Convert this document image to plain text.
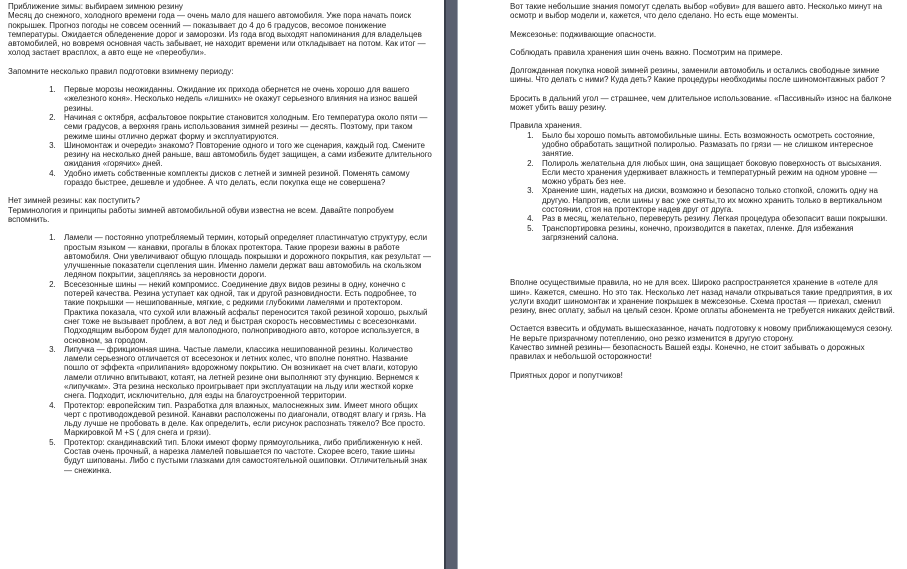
Приближение зимы: выбираем зимнюю резину

Месяц до снежного, холодного времени года — очень мало для нашего автомобиля. Уже пора начать поиск покрышек. Прогноз погоды не совсем осенний — показывает до 4 до 6 градусов, весомое понижение температуры. Ожидается обледенение дорог и заморозки. Из года вгод выходят напоминания для владельцев автомобилей, но вовремя основная часть забывает, не находит времени или откладывает на потом. Как итог — холод застает врасплох, а авто еще не «переобули».

Запомните несколько правил подготовки взимнему периоду:

1. Первые морозы неожиданны. Ожидание их прихода обернется не очень хорошо для вашего «железного коня». Несколько недель «лишних» не окажут серьезного влияния на износ вашей резины.
2. Начиная с октября, асфальтовое покрытие становится холодным. Его температура около пяти — семи градусов, а верхняя грань использования зимней резины — десять. Поэтому, при таком режиме шины отлично держат форму и эксплуатируются.
3. Шиномонтаж и очереди» знакомо? Повторение одного и того же сценария, каждый год. Смените резину на несколько дней раньше, ваш автомобиль будет защищен, а сами избежите длительного ожидания «горячих» дней.
4. Удобно иметь собственные комплекты дисков с летней и зимней резиной. Поменять самому гораздо быстрее, дешевле и удобнее. А что делать, если покупка еще не совершена?

Нет зимней резины: как поступить?

Терминология и принципы работы зимней автомобильной обуви известна не всем. Давайте попробуем вспомнить.

1. Ламели — постоянно употребляемый термин, который определяет пластинчатую структуру, если простым языком — канавки, прогалы в блоках протектора. Такие прорези важны в работе автомобиля. Они увеличивают общую площадь покрышки и дорожного покрытия, как результат — улучшенные показатели сцепления шин. Именно ламели держат ваш автомобиль на скользком ледяном покрытии, зацепляясь за неровности дороги.
2. Всесезонные шины — некий компромисс. Соединение двух видов резины в одну, конечно с потерей качества. Резина уступает как одной, так и другой разновидности. Есть подробнее, то такие покрышки — нешипованные, мягкие, с редкими глубокими ламелями и протектором. Практика показала, что сухой или влажный асфальт переносится такой резиной хорошо, рыхлый снег тоже не вызывает проблем, а вот лед и быстрая скорость несовместимы с всесезонками. Подходящим выбором будет для малоподного, полноприводного авто, которое используется, в основном, за городом.
3. Липучка — фрикционная шина. Частые ламели, классика нешипованной резины. Количество ламели серьезного отличается от всесезонок и летних колес, что вполне понятно. Название пошло от эффекта «прилипания» вдорожному покрытию. Он возникает на счет влаги, которую ламели отлично впитывают, котаят, на летней резине они выполняют эту функцию. Вернемся к «липучкам». Эта резина несколько проигрывает при эксплуатации на льду или жесткой корке снега. Подходит, исключительно, для езды на благоустроенной территории.
4. Протектор: европейским тип. Разработка для влажных, малоснежных зим. Имеет много общих черт с противодождевой резиной. Канавки расположены по диагонали, отводят влагу и грязь. На льду лучше не пробовать в деле. Как определить, если рисунок распознать тяжело? Все просто. Маркировкой M +S ( для снега и грязи).
5. Протектор: скандинавский тип. Блоки имеют форму прямоугольника, либо приближенную к ней. Состав очень прочный, а нарезка ламелей повышается по частоте. Скорее всего, такие шины будут шипованы. Либо с пустыми глазками для самостоятельной ошиповки. Отличительный знак — снежинка.

Вот такие небольшие знания помогут сделать выбор «обуви» для вашего авто. Несколько минут на осмотр и выбор модели и, кажется, что дело сделано. Но есть еще моменты.

Межсезонье: подживающие опасности.

Соблюдать правила хранения шин очень важно. Посмотрим на примере.

Долгожданная покупка новой зимней резины, заменили автомобиль и остались свободные зимние шины. Что делать с ними? Куда деть? Какие процедуры необходимы после шиномонтажных работ ?

Бросить в дальний угол — страшнее, чем длительное использование. «Пассивный» износ на балконе может убить вашу резину.

Правила хранения.

1. Было бы хорошо помыть автомобильные шины. Есть возможность осмотреть состояние, удобно обработать защитной полиролью. Размазать по грязи — не слишком интересное занятие.
2. Полироль желательна для любых шин, она защищает боковую поверхность от высыхания. Если место хранения удерживает влажность и температурный режим на одном уровне — можно убрать без нее.
3. Хранение шин, надетых на диски, возможно и безопасно только стопкой, сложить одну на другую. Напротив, если шины у вас уже сняты,то их можно хранить только в вертикальном состоянии, стоя на протекторе надев друг от друга.
4. Раз в месяц, желательно, переверуть резину. Легкая процедура обезопасит ваши покрышки.
5. Транспортировка резины, конечно, производится в пакетах, пленке. Для избежания загрязнений салона.

Вполне осуществимые правила, но не для всех. Широко распространяется хранение в «отеле для шин». Кажется, смешно. Но это так. Несколько лет назад начали открываться такие предприятия, в их услуги входит шиномонтак и хранение покрышек в межсезонье. Схема простая — приехал, сменил резину, внес оплату, забыл на целый сезон. Кроме оплаты абонемента не требуется никаких действий.

Остается взвесить и обдумать вышесказанное, начать подготовку к новому приближающемуся сезону. Не верьте призрачному потеплению, оно резко изменится в другую сторону.

Качество зимней резины— безопасность Вашей езды. Конечно, не стоит забывать о дорожных правилах и небольшой осторожности!

Приятных дорог и попутчиков!
